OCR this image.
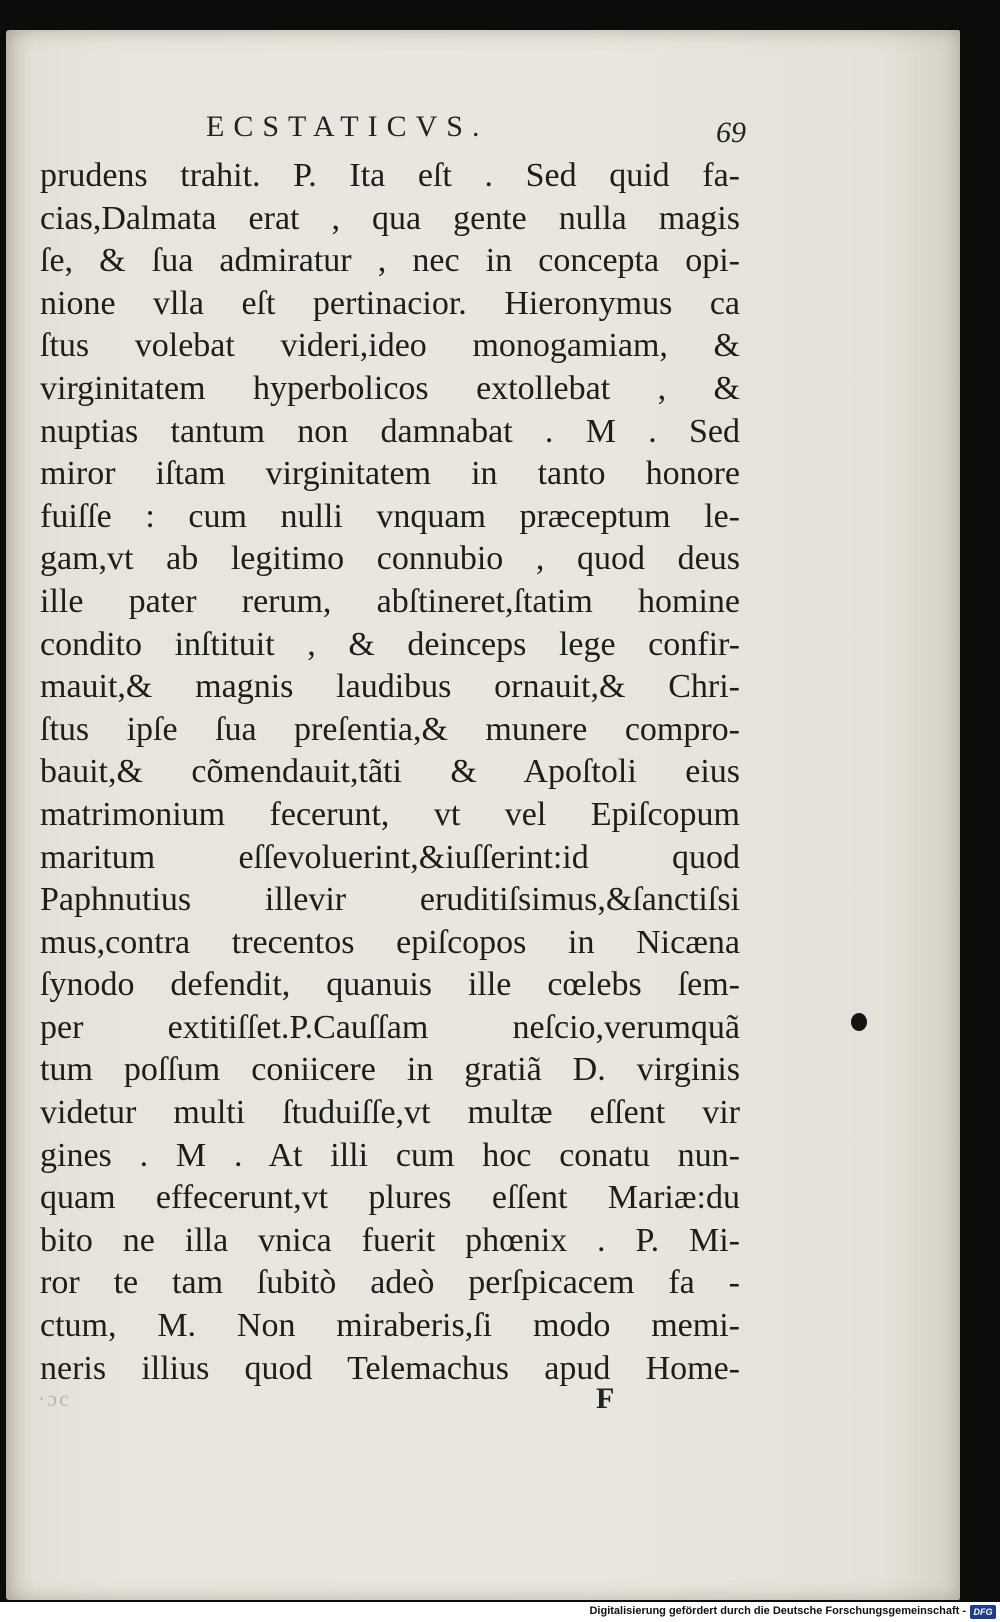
ECSTATICVS.	69
prudens trahit. P. Ita eſt . Sed quid fa-
cias,Dalmata erat , qua gente nulla magis
ſe, & ſua admiratur , nec in concepta opi-
nione vlla eſt pertinacior. Hieronymus ca
ſtus volebat videri,ideo monogamiam, &
virginitatem hyperbolicos extollebat , &
nuptias tantum non damnabat . M . Sed
miror iſtam virginitatem in tanto honore
fuiſſe : cum nulli vnquam præceptum le-
gam,vt ab legitimo connubio , quod deus
ille pater rerum, abſtineret,ſtatim homine
condito inſtituit , & deinceps lege confir-
mauit,& magnis laudibus ornauit,& Chri-
ſtus ipſe ſua preſentia,& munere compro-
bauit,& cõmendauit,tãti & Apoſtoli eius
matrimonium fecerunt, vt vel Epiſcopum
maritum eſſevoluerint,&iuſſerint:id quod
Paphnutius illevir eruditiſsimus,&ſanctiſsi
mus,contra trecentos epiſcopos in Nicæna
ſynodo defendit, quanuis ille cœlebs ſem-
per extitiſſet.P.Cauſſam neſcio,verumquã
tum poſſum coniicere in gratiã D. virginis
videtur multi ſtuduiſſe,vt multæ eſſent vir
gines . M . At illi cum hoc conatu nun-
quam effecerunt,vt plures eſſent Mariæ:du
bito ne illa vnica fuerit phœnix . P. Mi-
ror te tam ſubitò adeò perſpicacem fa -
ctum, M. Non miraberis,ſi modo memi-
neris illius quod Telemachus apud Home-
·ɔc	F
Digitalisierung gefördert durch die Deutsche Forschungsgemeinschaft - DFG
